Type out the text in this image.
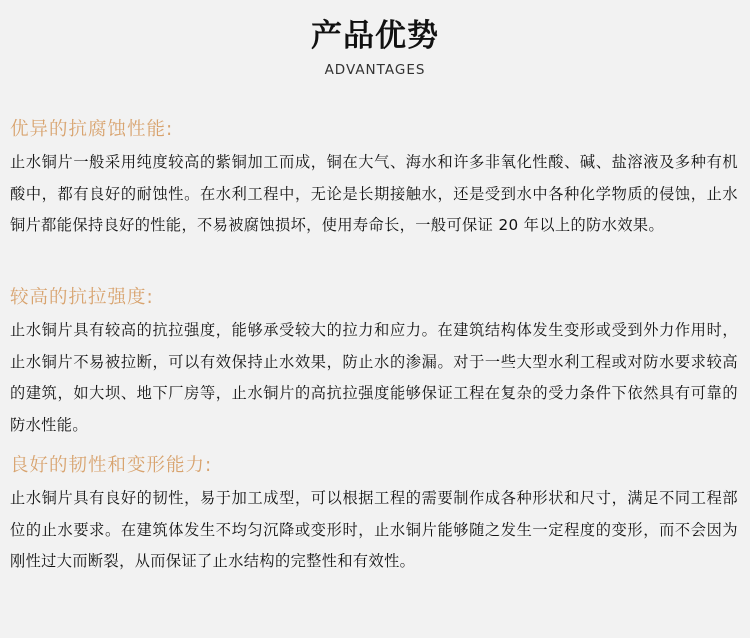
产品优势
ADVANTAGES
优异的抗腐蚀性能:
止水铜片一般采用纯度较高的紫铜加工而成，铜在大气、海水和许多非氧化性酸、碱、盐溶液及多种有机酸中，都有良好的耐蚀性。在水利工程中，无论是长期接触水，还是受到水中各种化学物质的侵蚀，止水铜片都能保持良好的性能，不易被腐蚀损坏，使用寿命长，一般可保证 20 年以上的防水效果。
较高的抗拉强度:
止水铜片具有较高的抗拉强度，能够承受较大的拉力和应力。在建筑结构体发生变形或受到外力作用时，止水铜片不易被拉断，可以有效保持止水效果，防止水的渗漏。对于一些大型水利工程或对防水要求较高的建筑，如大坝、地下厂房等，止水铜片的高抗拉强度能够保证工程在复杂的受力条件下依然具有可靠的防水性能。
良好的韧性和变形能力:
止水铜片具有良好的韧性，易于加工成型，可以根据工程的需要制作成各种形状和尺寸，满足不同工程部位的止水要求。在建筑体发生不均匀沉降或变形时，止水铜片能够随之发生一定程度的变形，而不会因为刚性过大而断裂，从而保证了止水结构的完整性和有效性。
